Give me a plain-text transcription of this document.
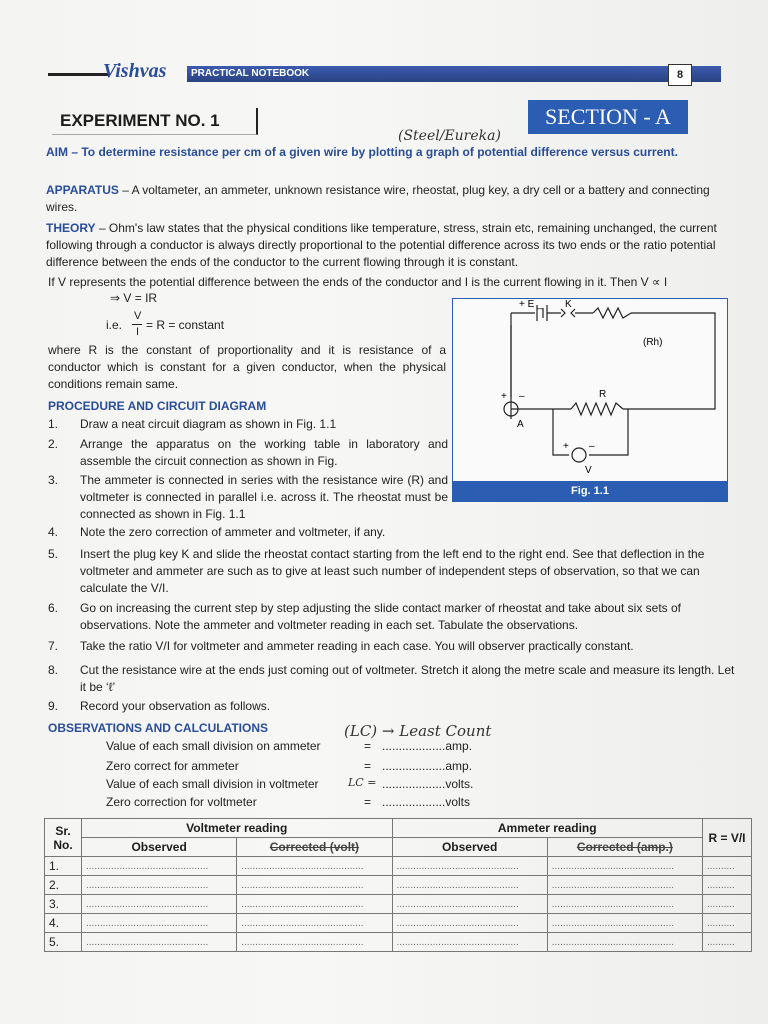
PRACTICAL NOTEBOOK
Vishvas	8
EXPERIMENT NO. 1	SECTION - A
(Steel/Eureka)
AIM – To determine resistance per cm of a given wire by plotting a graph of potential difference versus current.
APPARATUS – A voltameter, an ammeter, unknown resistance wire, rheostat, plug key, a dry cell or a battery and connecting wires.
THEORY – Ohm's law states that the physical conditions like temperature, stress, strain etc, remaining unchanged, the current following through a conductor is always directly proportional to the potential difference across its two ends or the ratio potential difference between the ends of the conductor to the current flowing through it is constant.
If V represents the potential difference between the ends of the conductor and I is the current flowing in it. Then V ∝ I
⇒ V = IR
i.e.
V
I = R = constant
where R is the constant of proportionality and it is resistance of a conductor which is constant for a given conductor, when the physical conditions remain same.
PROCEDURE AND CIRCUIT DIAGRAM
1. Draw a neat circuit diagram as shown in Fig. 1.1
2. Arrange the apparatus on the working table in laboratory and assemble the circuit connection as shown in Fig.
3. The ammeter is connected in series with the resistance wire (R) and voltmeter is connected in parallel i.e. across it. The rheostat must be connected as shown in Fig. 1.1
4. Note the zero correction of ammeter and voltmeter, if any.
5. Insert the plug key K and slide the rheostat contact starting from the left end to the right end. See that deflection in the voltmeter and ammeter are such as to give at least such number of independent steps of observation, so that we can calculate the V/I.
6. Go on increasing the current step by step adjusting the slide contact marker of rheostat and take about six sets of observations. Note the ammeter and voltmeter reading in each set. Tabulate the observations.
7. Take the ratio V/I for voltmeter and ammeter reading in each case. You will observer practically constant.
8. Cut the resistance wire at the ends just coming out of voltmeter. Stretch it along the metre scale and measure its length. Let it be ‘ℓ’
9. Record your observation as follows.
+ E _ K
(Rh)
R
A
V
+ –
+ –
Fig. 1.1
OBSERVATIONS AND CALCULATIONS	(LC) → Least Count
Value of each small division on ammeter	= ...................amp.
Zero correct for ammeter	= ...................amp.
Value of each small division in voltmeter	LC = ...................volts.
Zero correction for voltmeter	= ...................volts
Sr. No.	Voltmeter reading		Ammeter reading		R = V/I
	Observed	Corrected (volt)	Observed	Corrected (amp.)	
1.	............................................	............................................	............................................	............................................	..........
2.	............................................	............................................	............................................	............................................	..........
3.	............................................	............................................	............................................	............................................	..........
4.	............................................	............................................	............................................	............................................	..........
5.	............................................	............................................	............................................	............................................	..........
